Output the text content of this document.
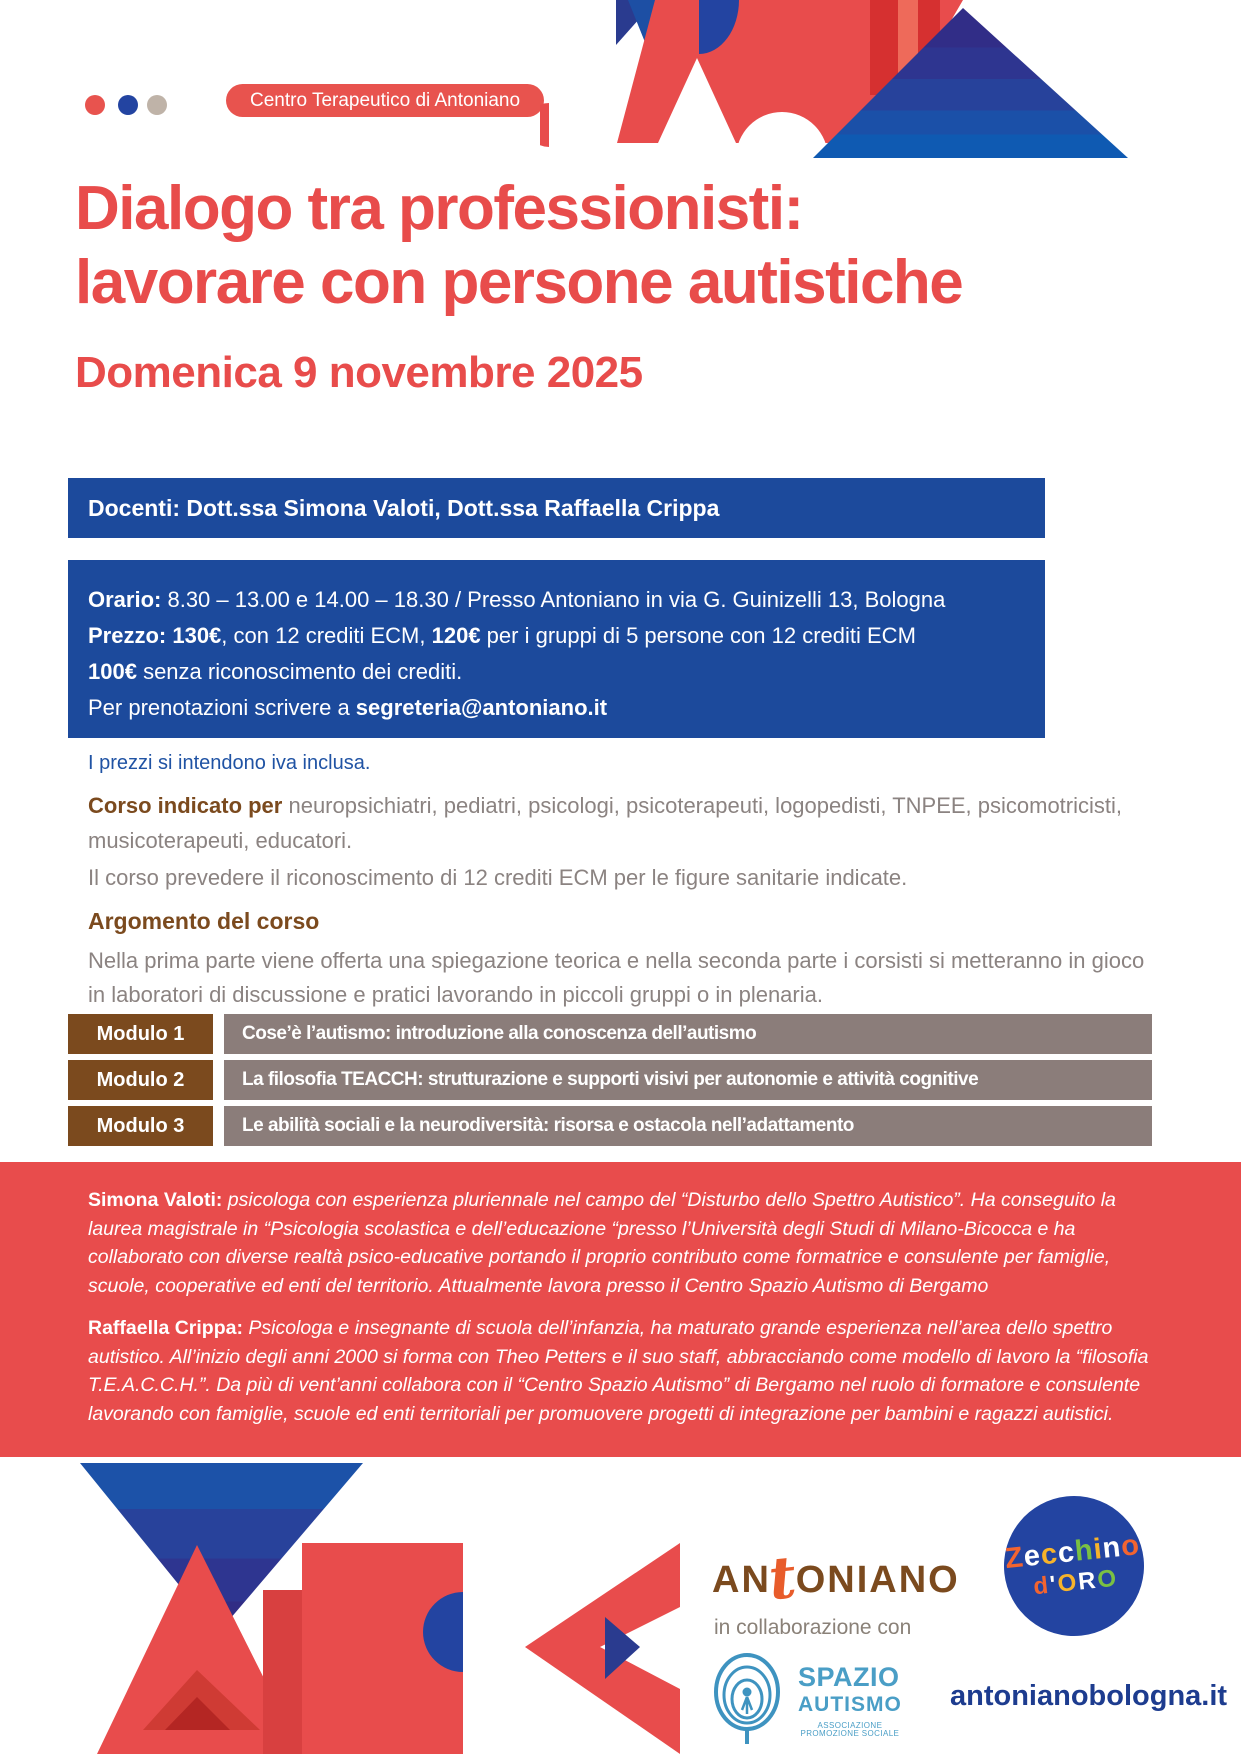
Centro Terapeutico di Antoniano
Dialogo tra professionisti:
lavorare con persone autistiche
Domenica 9 novembre 2025
Docenti: Dott.ssa Simona Valoti, Dott.ssa Raffaella Crippa
Orario: 8.30 – 13.00 e 14.00 – 18.30 / Presso Antoniano in via G. Guinizelli 13, Bologna
Prezzo: 130€, con 12 crediti ECM, 120€ per i gruppi di 5 persone con 12 crediti ECM
100€ senza riconoscimento dei crediti.
Per prenotazioni scrivere a segreteria@antoniano.it
I prezzi si intendono iva inclusa.
Corso indicato per neuropsichiatri, pediatri, psicologi, psicoterapeuti, logopedisti, TNPEE, psicomotricisti, musicoterapeuti, educatori.
Il corso prevedere il riconoscimento di 12 crediti ECM per le figure sanitarie indicate.
Argomento del corso
Nella prima parte viene offerta una spiegazione teorica e nella seconda parte i corsisti si metteranno in gioco in laboratori di discussione e pratici lavorando in piccoli gruppi o in plenaria.
Modulo 1	Cose’è l’autismo: introduzione alla conoscenza dell’autismo
Modulo 2	La filosofia TEACCH: strutturazione e supporti visivi per autonomie e attività cognitive
Modulo 3	Le abilità sociali e la neurodiversità: risorsa e ostacola nell’adattamento
Simona Valoti: psicologa con esperienza pluriennale nel campo del “Disturbo dello Spettro Autistico”. Ha conseguito la laurea magistrale in “Psicologia scolastica e dell’educazione “presso l’Università degli Studi di Milano-Bicocca e ha collaborato con diverse realtà psico-educative portando il proprio contributo come formatrice e consulente per famiglie, scuole, cooperative ed enti del territorio. Attualmente lavora presso il Centro Spazio Autismo di Bergamo
Raffaella Crippa: Psicologa e insegnante di scuola dell’infanzia, ha maturato grande esperienza nell’area dello spettro autistico. All’inizio degli anni 2000 si forma con Theo Petters e il suo staff, abbracciando come modello di lavoro la “filosofia T.E.A.C.C.H.”. Da più di vent’anni collabora con il “Centro Spazio Autismo” di Bergamo nel ruolo di formatore e consulente lavorando con famiglie, scuole ed enti territoriali per promuovere progetti di integrazione per bambini e ragazzi autistici.
ANtONIANO
Zecchino
d'ORO
in collaborazione con
SPAZIO
AUTISMO
ASSOCIAZIONE
PROMOZIONE SOCIALE
antonianobologna.it
